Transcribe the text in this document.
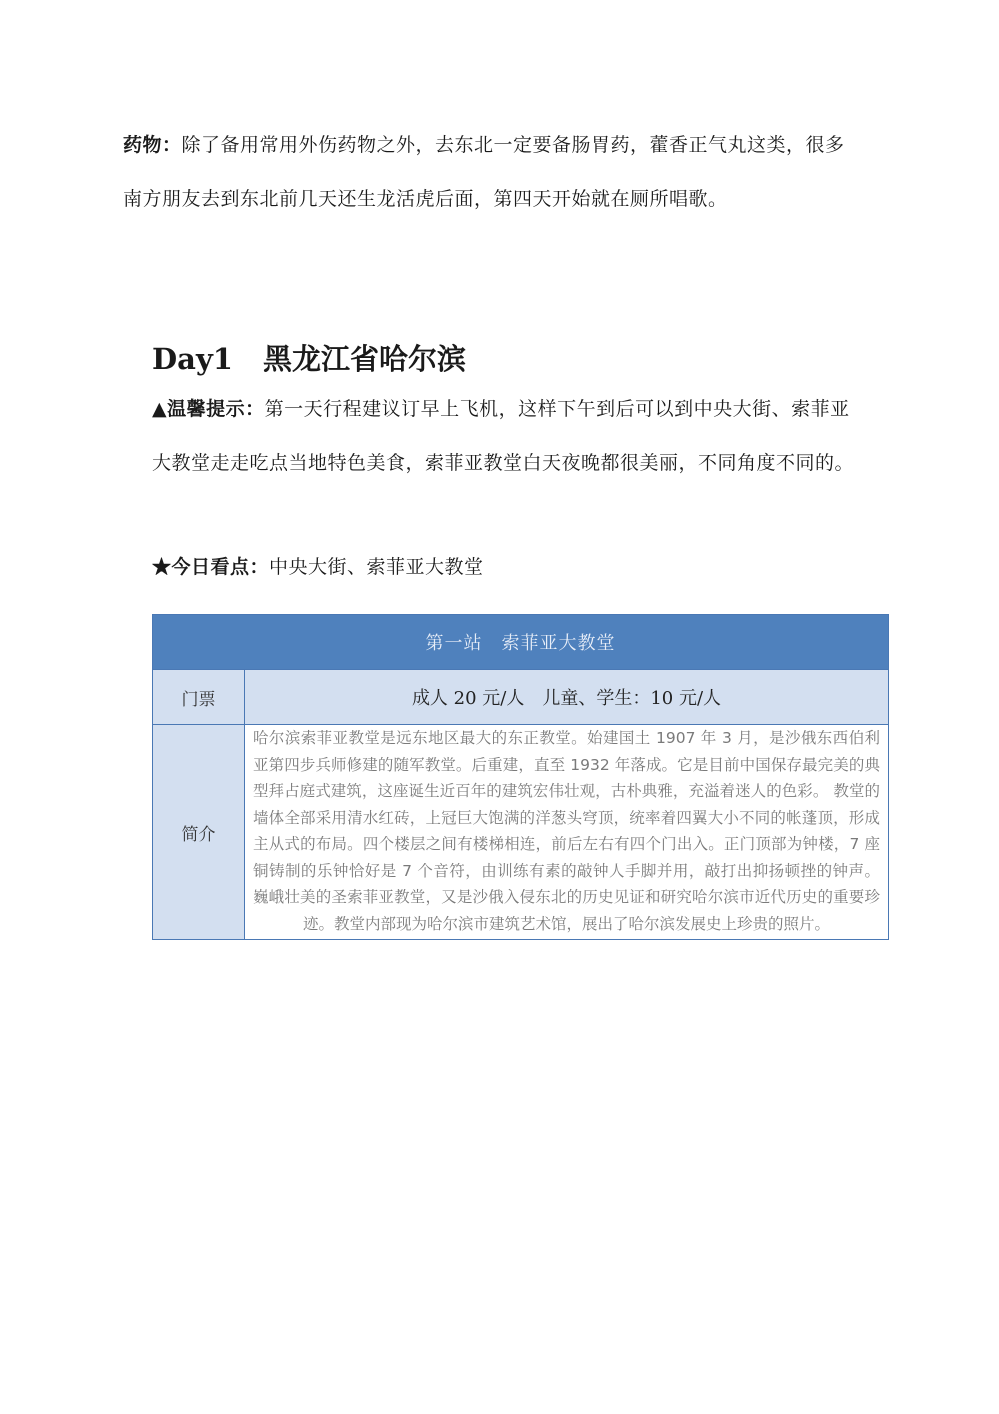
药物：除了备用常用外伤药物之外，去东北一定要备肠胃药，藿香正气丸这类，很多南方朋友去到东北前几天还生龙活虎后面，第四天开始就在厕所唱歌。

Day1 黑龙江省哈尔滨

▲温馨提示：第一天行程建议订早上飞机，这样下午到后可以到中央大街、索菲亚大教堂走走吃点当地特色美食，索菲亚教堂白天夜晚都很美丽，不同角度不同的。

★今日看点：中央大街、索菲亚大教堂

第一站　索菲亚大教堂	
门票	成人 20 元/人　儿童、学生：10 元/人
简介	哈尔滨索菲亚教堂是远东地区最大的东正教堂。始建国土 1907 年 3 月，是沙俄东西伯利亚第四步兵师修建的随军教堂。后重建，直至 1932 年落成。它是目前中国保存最完美的典型拜占庭式建筑，这座诞生近百年的建筑宏伟壮观，古朴典雅，充溢着迷人的色彩。 教堂的墙体全部采用清水红砖，上冠巨大饱满的洋葱头穹顶，统率着四翼大小不同的帐蓬顶，形成主从式的布局。四个楼层之间有楼梯相连，前后左右有四个门出入。正门顶部为钟楼，7 座铜铸制的乐钟恰好是 7 个音符，由训练有素的敲钟人手脚并用，敲打出抑扬顿挫的钟声。 巍峨壮美的圣索菲亚教堂，又是沙俄入侵东北的历史见证和研究哈尔滨市近代历史的重要珍迹。教堂内部现为哈尔滨市建筑艺术馆，展出了哈尔滨发展史上珍贵的照片。
